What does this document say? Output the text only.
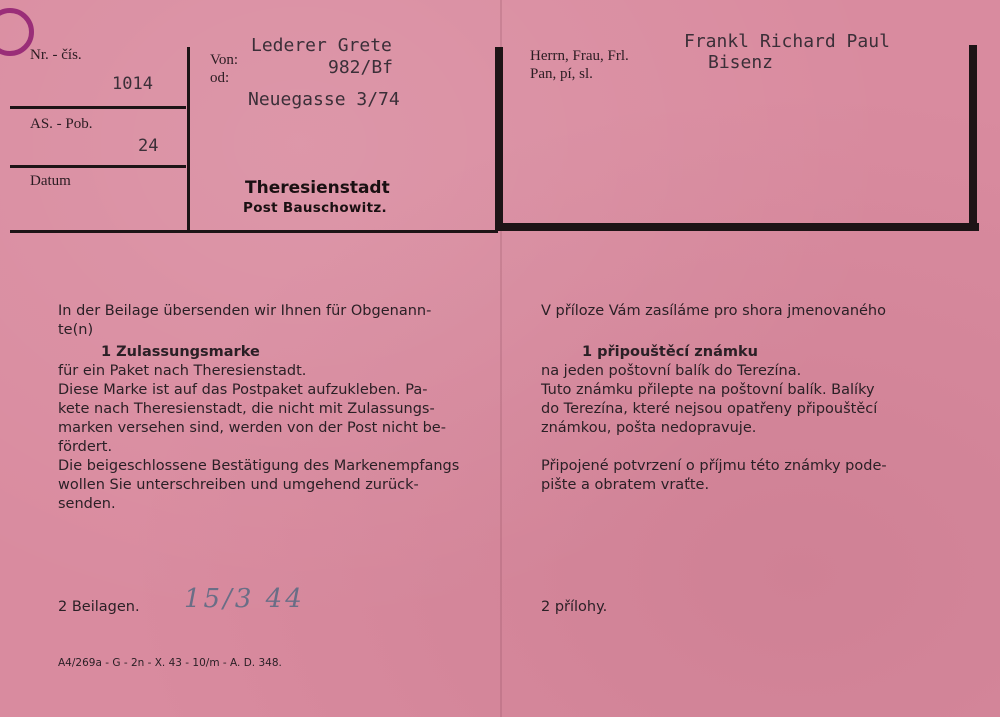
Nr. - čís.
1014
AS. - Pob.
24
Datum
Von:
od:
Lederer Grete
982/Bf
Neuegasse 3/74
Theresienstadt
Post Bauschowitz.
Herrn, Frau, Frl.
Pan, pí, sl.
Frankl Richard Paul
Bisenz
In der Beilage übersenden wir Ihnen für Obgenann-
te(n)
1 Zulassungsmarke
für ein Paket nach Theresienstadt.
Diese Marke ist auf das Postpaket aufzukleben. Pa-
kete nach Theresienstadt, die nicht mit Zulassungs-
marken versehen sind, werden von der Post nicht be-
fördert.
Die beigeschlossene Bestätigung des Markenempfangs
wollen Sie unterschreiben und umgehend zurück-
senden.
V příloze Vám zasíláme pro shora jmenovaného
1 připouštěcí známku
na jeden poštovní balík do Terezína.
Tuto známku přilepte na poštovní balík. Balíky
do Terezína, které nejsou opatřeny připouštěcí
známkou, pošta nedopravuje.
Připojené potvrzení o příjmu této známky pode-
pište a obratem vraťte.
2 Beilagen. 15/3 44	2 přílohy.
A4/269a - G - 2n - X. 43 - 10/m - A. D. 348.
